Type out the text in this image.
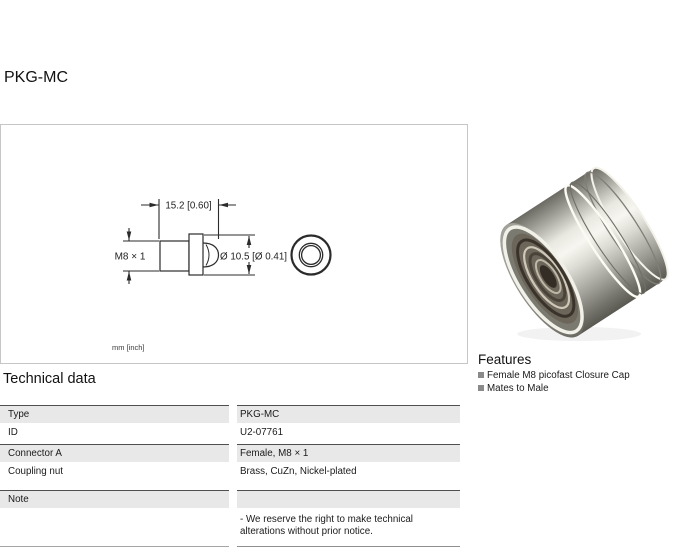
PKG-MC

15.2 [0.60]
M8 × 1	Ø 10.5 [Ø 0.41]
mm [inch]
Features
Female M8 picofast Closure Cap
Mates to Male
Technical data
Type	PKG-MC
ID	U2-07761
Connector A	Female, M8 × 1
Coupling nut	Brass, CuZn, Nickel-plated
Note
- We reserve the right to make technical alterations without prior notice.
